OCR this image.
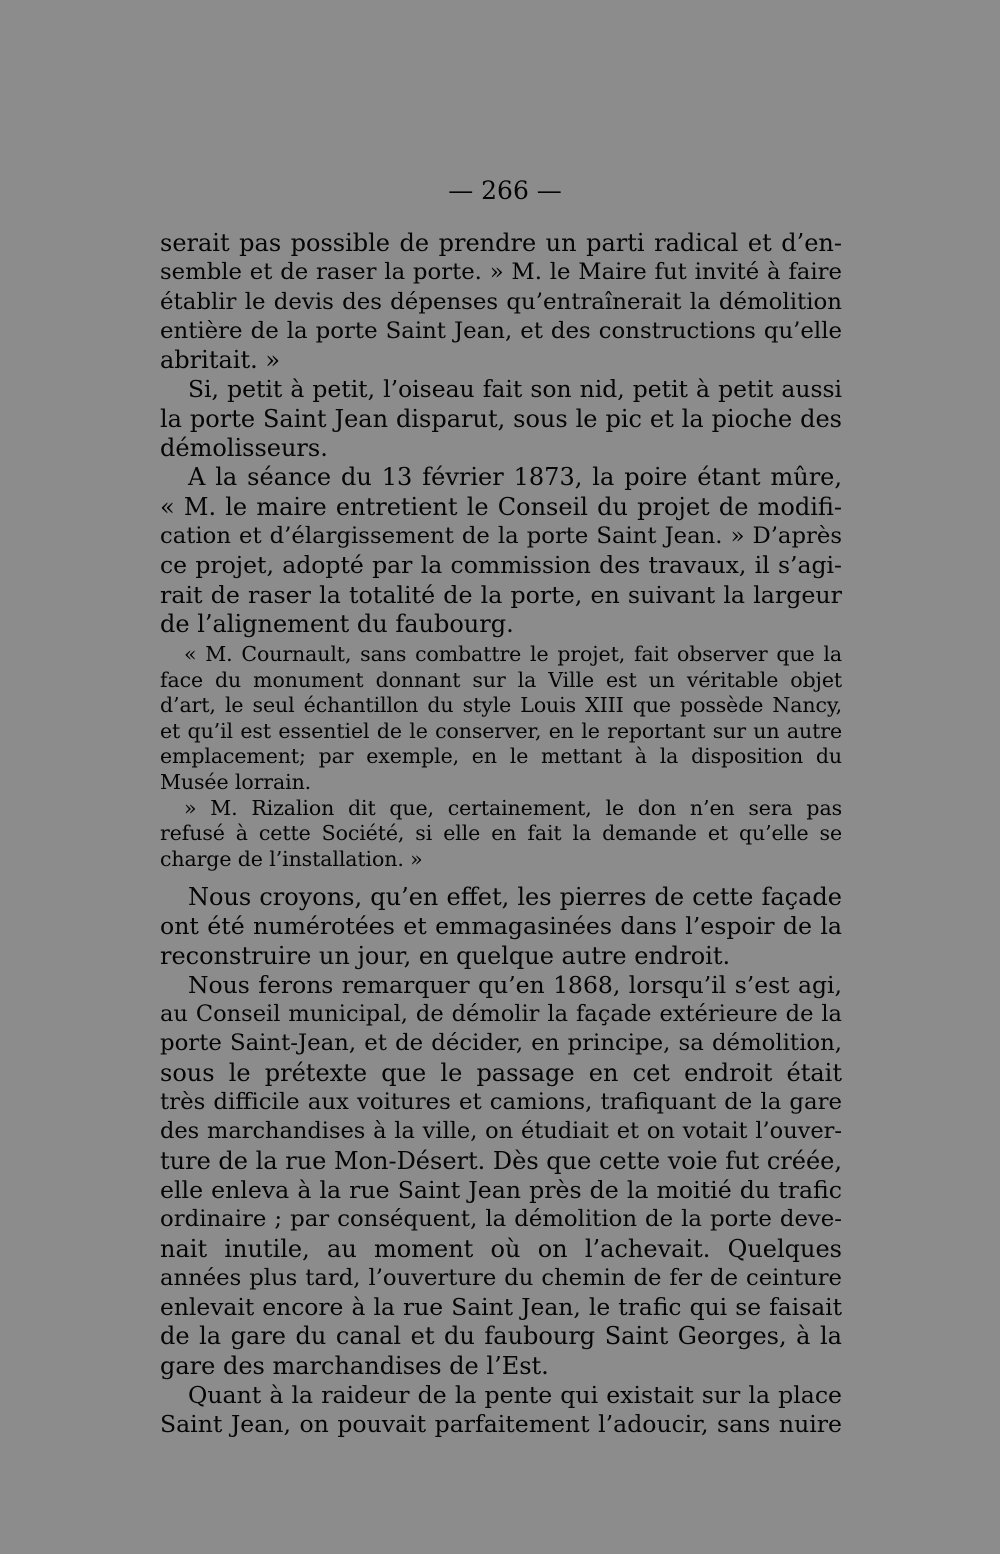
— 266 —
serait pas possible de prendre un parti radical et d’en-
semble et de raser la porte. » M. le Maire fut invité à faire
établir le devis des dépenses qu’entraînerait la démolition
entière de la porte Saint Jean, et des constructions qu’elle
abritait. »
Si, petit à petit, l’oiseau fait son nid, petit à petit aussi
la porte Saint Jean disparut, sous le pic et la pioche des
démolisseurs.
A la séance du 13 février 1873, la poire étant mûre,
« M. le maire entretient le Conseil du projet de modifi-
cation et d’élargissement de la porte Saint Jean. » D’après
ce projet, adopté par la commission des travaux, il s’agi-
rait de raser la totalité de la porte, en suivant la largeur
de l’alignement du faubourg.
« M. Cournault, sans combattre le projet, fait observer que la
face du monument donnant sur la Ville est un véritable objet
d’art, le seul échantillon du style Louis XIII que possède Nancy,
et qu’il est essentiel de le conserver, en le reportant sur un autre
emplacement; par exemple, en le mettant à la disposition du
Musée lorrain.
» M. Rizalion dit que, certainement, le don n’en sera pas
refusé à cette Société, si elle en fait la demande et qu’elle se
charge de l’installation. »
Nous croyons, qu’en effet, les pierres de cette façade
ont été numérotées et emmagasinées dans l’espoir de la
reconstruire un jour, en quelque autre endroit.
Nous ferons remarquer qu’en 1868, lorsqu’il s’est agi,
au Conseil municipal, de démolir la façade extérieure de la
porte Saint-Jean, et de décider, en principe, sa démolition,
sous le prétexte que le passage en cet endroit était
très difficile aux voitures et camions, trafiquant de la gare
des marchandises à la ville, on étudiait et on votait l’ouver-
ture de la rue Mon-Désert. Dès que cette voie fut créée,
elle enleva à la rue Saint Jean près de la moitié du trafic
ordinaire ; par conséquent, la démolition de la porte deve-
nait inutile, au moment où on l’achevait. Quelques
années plus tard, l’ouverture du chemin de fer de ceinture
enlevait encore à la rue Saint Jean, le trafic qui se faisait
de la gare du canal et du faubourg Saint Georges, à la
gare des marchandises de l’Est.
Quant à la raideur de la pente qui existait sur la place
Saint Jean, on pouvait parfaitement l’adoucir, sans nuire
